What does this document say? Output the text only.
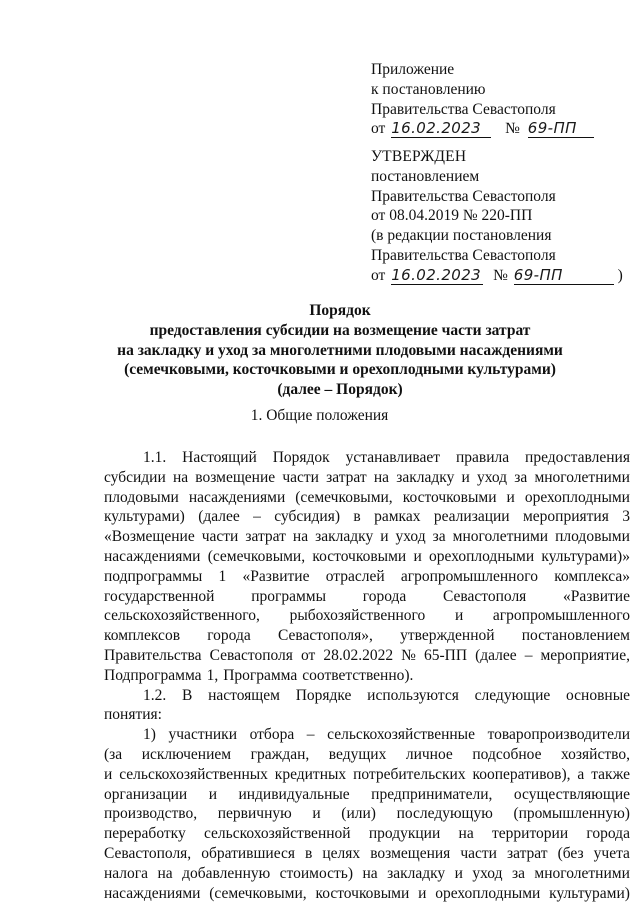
Приложение
к постановлению
Правительства Севастополя
от 16.02.2023 № 69-ПП
УТВЕРЖДЕН
постановлением
Правительства Севастополя
от 08.04.2019 № 220-ПП
(в редакции постановления
Правительства Севастополя
от 16.02.2023 № 69-ПП	)
Порядок
предоставления субсидии на возмещение части затрат
на закладку и уход за многолетними плодовыми насаждениями
(семечковыми, косточковыми и орехоплодными культурами)
(далее – Порядок)
1. Общие положения
1.1. Настоящий Порядок устанавливает правила предоставления
субсидии на возмещение части затрат на закладку и уход за многолетними
плодовыми насаждениями (семечковыми, косточковыми и орехоплодными
культурами) (далее – субсидия) в рамках реализации мероприятия 3
«Возмещение части затрат на закладку и уход за многолетними плодовыми
насаждениями (семечковыми, косточковыми и орехоплодными культурами)»
подпрограммы 1 «Развитие отраслей агропромышленного комплекса»
государственной программы города Севастополя «Развитие
сельскохозяйственного, рыбохозяйственного и агропромышленного
комплексов города Севастополя», утвержденной постановлением
Правительства Севастополя от 28.02.2022 № 65-ПП (далее – мероприятие,
Подпрограмма 1, Программа соответственно).
1.2. В настоящем Порядке используются следующие основные
понятия:
1) участники отбора – сельскохозяйственные товаропроизводители
(за исключением граждан, ведущих личное подсобное хозяйство,
и сельскохозяйственных кредитных потребительских кооперативов), а также
организации и индивидуальные предприниматели, осуществляющие
производство, первичную и (или) последующую (промышленную)
переработку сельскохозяйственной продукции на территории города
Севастополя, обратившиеся в целях возмещения части затрат (без учета
налога на добавленную стоимость) на закладку и уход за многолетними
насаждениями (семечковыми, косточковыми и орехоплодными культурами)
